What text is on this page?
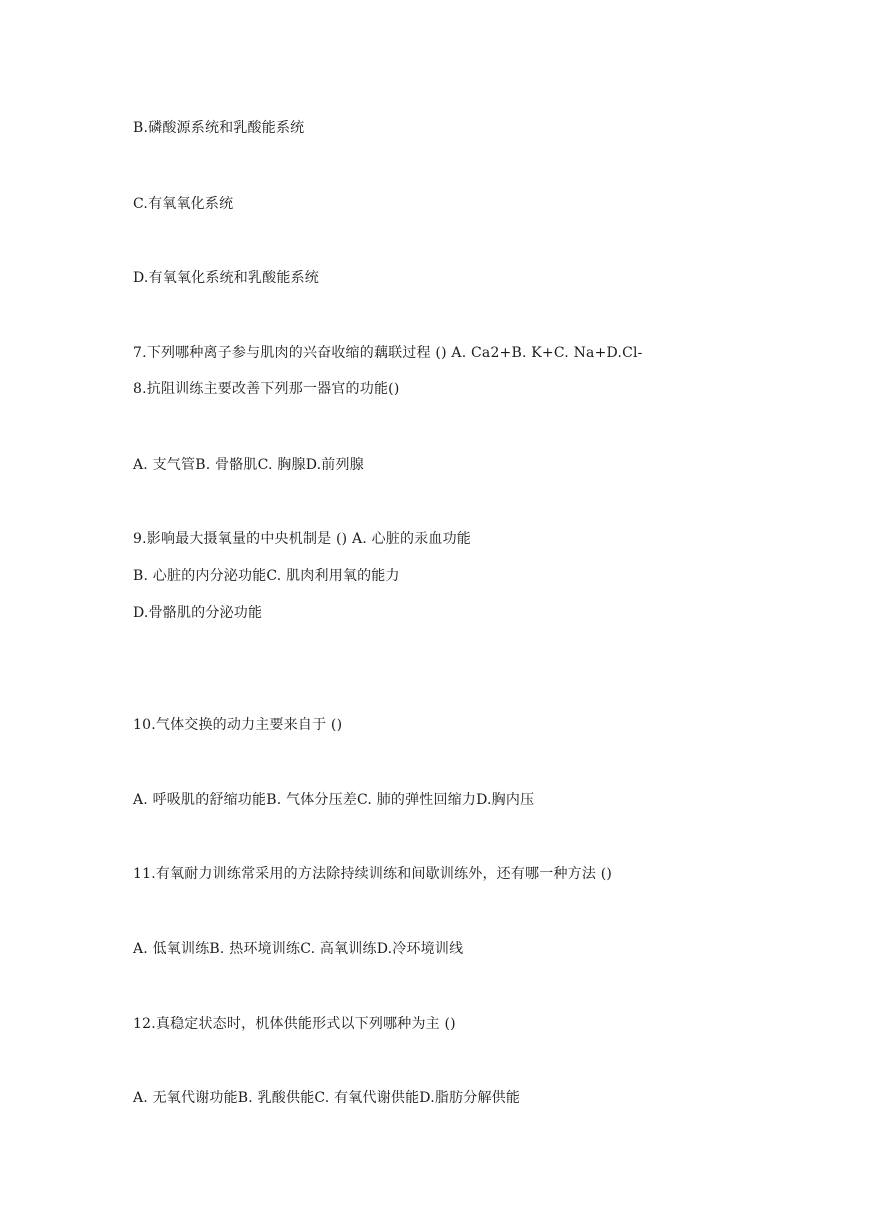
B.磷酸源系统和乳酸能系统
C.有氧氧化系统
D.有氧氧化系统和乳酸能系统
7.下列哪种离子参与肌肉的兴奋收缩的藕联过程 () A. Ca2+B. K+C. Na+D.Cl-
8.抗阻训练主要改善下列那一器官的功能()
A. 支气管B. 骨骼肌C. 胸腺D.前列腺
9.影响最大摄氧量的中央机制是 () A. 心脏的汞血功能
B. 心脏的内分泌功能C. 肌肉利用氧的能力
D.骨骼肌的分泌功能
10.气体交换的动力主要来自于 ()
A. 呼吸肌的舒缩功能B. 气体分压差C. 肺的弹性回缩力D.胸内压
11.有氧耐力训练常采用的方法除持续训练和间歇训练外，还有哪一种方法 ()
A. 低氧训练B. 热环境训练C. 高氧训练D.冷环境训线
12.真稳定状态时，机体供能形式以下列哪种为主 ()
A. 无氧代谢功能B. 乳酸供能C. 有氧代谢供能D.脂肪分解供能
